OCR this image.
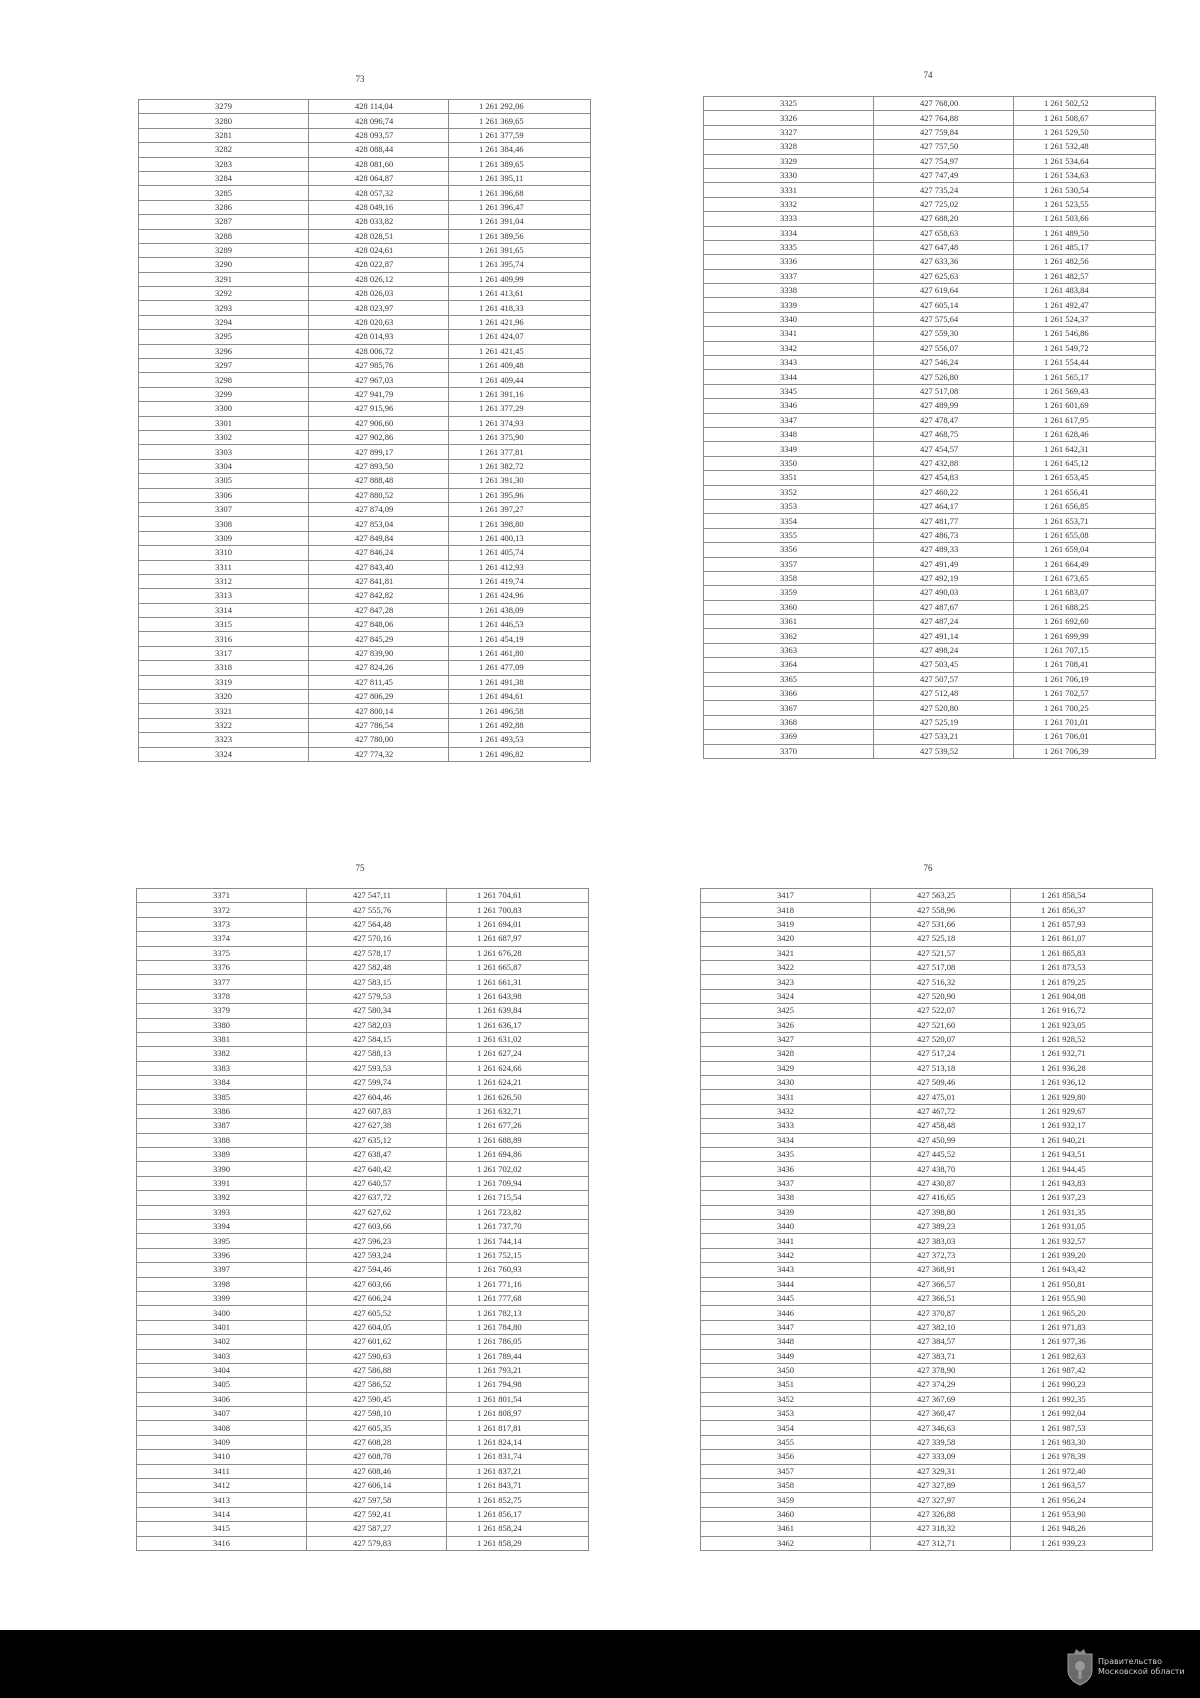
73
3279	428 114,04	1 261 292,06
3280	428 096,74	1 261 369,65
3281	428 093,57	1 261 377,59
3282	428 088,44	1 261 384,46
3283	428 081,60	1 261 389,65
3284	428 064,87	1 261 395,11
3285	428 057,32	1 261 396,68
3286	428 049,16	1 261 396,47
3287	428 033,82	1 261 391,04
3288	428 028,51	1 261 389,56
3289	428 024,61	1 261 391,65
3290	428 022,87	1 261 395,74
3291	428 026,12	1 261 409,99
3292	428 026,03	1 261 413,61
3293	428 023,97	1 261 418,33
3294	428 020,63	1 261 421,96
3295	428 014,93	1 261 424,07
3296	428 006,72	1 261 421,45
3297	427 985,76	1 261 409,48
3298	427 967,03	1 261 409,44
3299	427 941,79	1 261 391,16
3300	427 915,96	1 261 377,29
3301	427 906,60	1 261 374,93
3302	427 902,86	1 261 375,90
3303	427 899,17	1 261 377,81
3304	427 893,50	1 261 382,72
3305	427 888,48	1 261 391,30
3306	427 880,52	1 261 395,96
3307	427 874,09	1 261 397,27
3308	427 853,04	1 261 398,80
3309	427 849,84	1 261 400,13
3310	427 846,24	1 261 405,74
3311	427 843,40	1 261 412,93
3312	427 841,81	1 261 419,74
3313	427 842,82	1 261 424,96
3314	427 847,28	1 261 438,09
3315	427 848,06	1 261 446,53
3316	427 845,29	1 261 454,19
3317	427 839,90	1 261 461,80
3318	427 824,26	1 261 477,09
3319	427 811,45	1 261 491,38
3320	427 806,29	1 261 494,61
3321	427 800,14	1 261 496,58
3322	427 786,54	1 261 492,88
3323	427 780,00	1 261 493,53
3324	427 774,32	1 261 496,82
74
3325	427 768,00	1 261 502,52
3326	427 764,88	1 261 508,67
3327	427 759,84	1 261 529,50
3328	427 757,50	1 261 532,48
3329	427 754,97	1 261 534,64
3330	427 747,49	1 261 534,63
3331	427 735,24	1 261 530,54
3332	427 725,02	1 261 523,55
3333	427 688,20	1 261 503,66
3334	427 658,63	1 261 489,50
3335	427 647,48	1 261 485,17
3336	427 633,36	1 261 482,56
3337	427 625,63	1 261 482,57
3338	427 619,64	1 261 483,84
3339	427 605,14	1 261 492,47
3340	427 575,64	1 261 524,37
3341	427 559,30	1 261 546,86
3342	427 556,07	1 261 549,72
3343	427 546,24	1 261 554,44
3344	427 526,80	1 261 565,17
3345	427 517,08	1 261 569,43
3346	427 489,99	1 261 601,69
3347	427 478,47	1 261 617,95
3348	427 468,75	1 261 628,46
3349	427 454,57	1 261 642,31
3350	427 432,88	1 261 645,12
3351	427 454,83	1 261 653,45
3352	427 460,22	1 261 656,41
3353	427 464,17	1 261 656,85
3354	427 481,77	1 261 653,71
3355	427 486,73	1 261 655,08
3356	427 489,33	1 261 659,04
3357	427 491,49	1 261 664,49
3358	427 492,19	1 261 673,65
3359	427 490,03	1 261 683,07
3360	427 487,67	1 261 688,25
3361	427 487,24	1 261 692,60
3362	427 491,14	1 261 699,99
3363	427 498,24	1 261 707,15
3364	427 503,45	1 261 708,41
3365	427 507,57	1 261 706,19
3366	427 512,48	1 261 702,57
3367	427 520,80	1 261 700,25
3368	427 525,19	1 261 701,01
3369	427 533,21	1 261 706,01
3370	427 539,52	1 261 706,39
75
3371	427 547,11	1 261 704,61
3372	427 555,76	1 261 700,83
3373	427 564,48	1 261 694,01
3374	427 570,16	1 261 687,97
3375	427 578,17	1 261 676,28
3376	427 582,48	1 261 665,87
3377	427 583,15	1 261 661,31
3378	427 579,53	1 261 643,98
3379	427 580,34	1 261 639,84
3380	427 582,03	1 261 636,17
3381	427 584,15	1 261 631,02
3382	427 588,13	1 261 627,24
3383	427 593,53	1 261 624,66
3384	427 599,74	1 261 624,21
3385	427 604,46	1 261 626,50
3386	427 607,83	1 261 632,71
3387	427 627,38	1 261 677,26
3388	427 635,12	1 261 688,89
3389	427 638,47	1 261 694,86
3390	427 640,42	1 261 702,02
3391	427 640,57	1 261 709,94
3392	427 637,72	1 261 715,54
3393	427 627,62	1 261 723,82
3394	427 603,66	1 261 737,70
3395	427 596,23	1 261 744,14
3396	427 593,24	1 261 752,15
3397	427 594,46	1 261 760,93
3398	427 603,66	1 261 771,16
3399	427 606,24	1 261 777,68
3400	427 605,52	1 261 782,13
3401	427 604,05	1 261 784,80
3402	427 601,62	1 261 786,05
3403	427 590,63	1 261 789,44
3404	427 586,88	1 261 793,21
3405	427 586,52	1 261 794,98
3406	427 590,45	1 261 801,54
3407	427 598,10	1 261 808,97
3408	427 605,35	1 261 817,81
3409	427 608,28	1 261 824,14
3410	427 608,78	1 261 831,74
3411	427 608,46	1 261 837,21
3412	427 606,14	1 261 843,71
3413	427 597,58	1 261 852,75
3414	427 592,41	1 261 856,17
3415	427 587,27	1 261 858,24
3416	427 579,83	1 261 858,29
76
3417	427 563,25	1 261 858,54
3418	427 558,96	1 261 856,37
3419	427 531,66	1 261 857,93
3420	427 525,18	1 261 861,07
3421	427 521,57	1 261 865,83
3422	427 517,08	1 261 873,53
3423	427 516,32	1 261 879,25
3424	427 520,90	1 261 904,08
3425	427 522,07	1 261 916,72
3426	427 521,60	1 261 923,05
3427	427 520,07	1 261 928,52
3428	427 517,24	1 261 932,71
3429	427 513,18	1 261 936,28
3430	427 509,46	1 261 936,12
3431	427 475,01	1 261 929,80
3432	427 467,72	1 261 929,67
3433	427 458,48	1 261 932,17
3434	427 450,99	1 261 940,21
3435	427 445,52	1 261 943,51
3436	427 438,70	1 261 944,45
3437	427 430,87	1 261 943,83
3438	427 416,65	1 261 937,23
3439	427 398,80	1 261 931,35
3440	427 389,23	1 261 931,05
3441	427 383,03	1 261 932,57
3442	427 372,73	1 261 939,20
3443	427 368,91	1 261 943,42
3444	427 366,57	1 261 950,81
3445	427 366,51	1 261 955,90
3446	427 370,87	1 261 965,20
3447	427 382,10	1 261 971,83
3448	427 384,57	1 261 977,36
3449	427 383,71	1 261 982,63
3450	427 378,90	1 261 987,42
3451	427 374,29	1 261 990,23
3452	427 367,69	1 261 992,35
3453	427 360,47	1 261 992,04
3454	427 346,63	1 261 987,53
3455	427 339,58	1 261 983,30
3456	427 333,09	1 261 978,39
3457	427 329,31	1 261 972,40
3458	427 327,89	1 261 963,57
3459	427 327,97	1 261 956,24
3460	427 326,88	1 261 953,90
3461	427 318,32	1 261 948,26
3462	427 312,71	1 261 939,23
Правительство
Московской области
